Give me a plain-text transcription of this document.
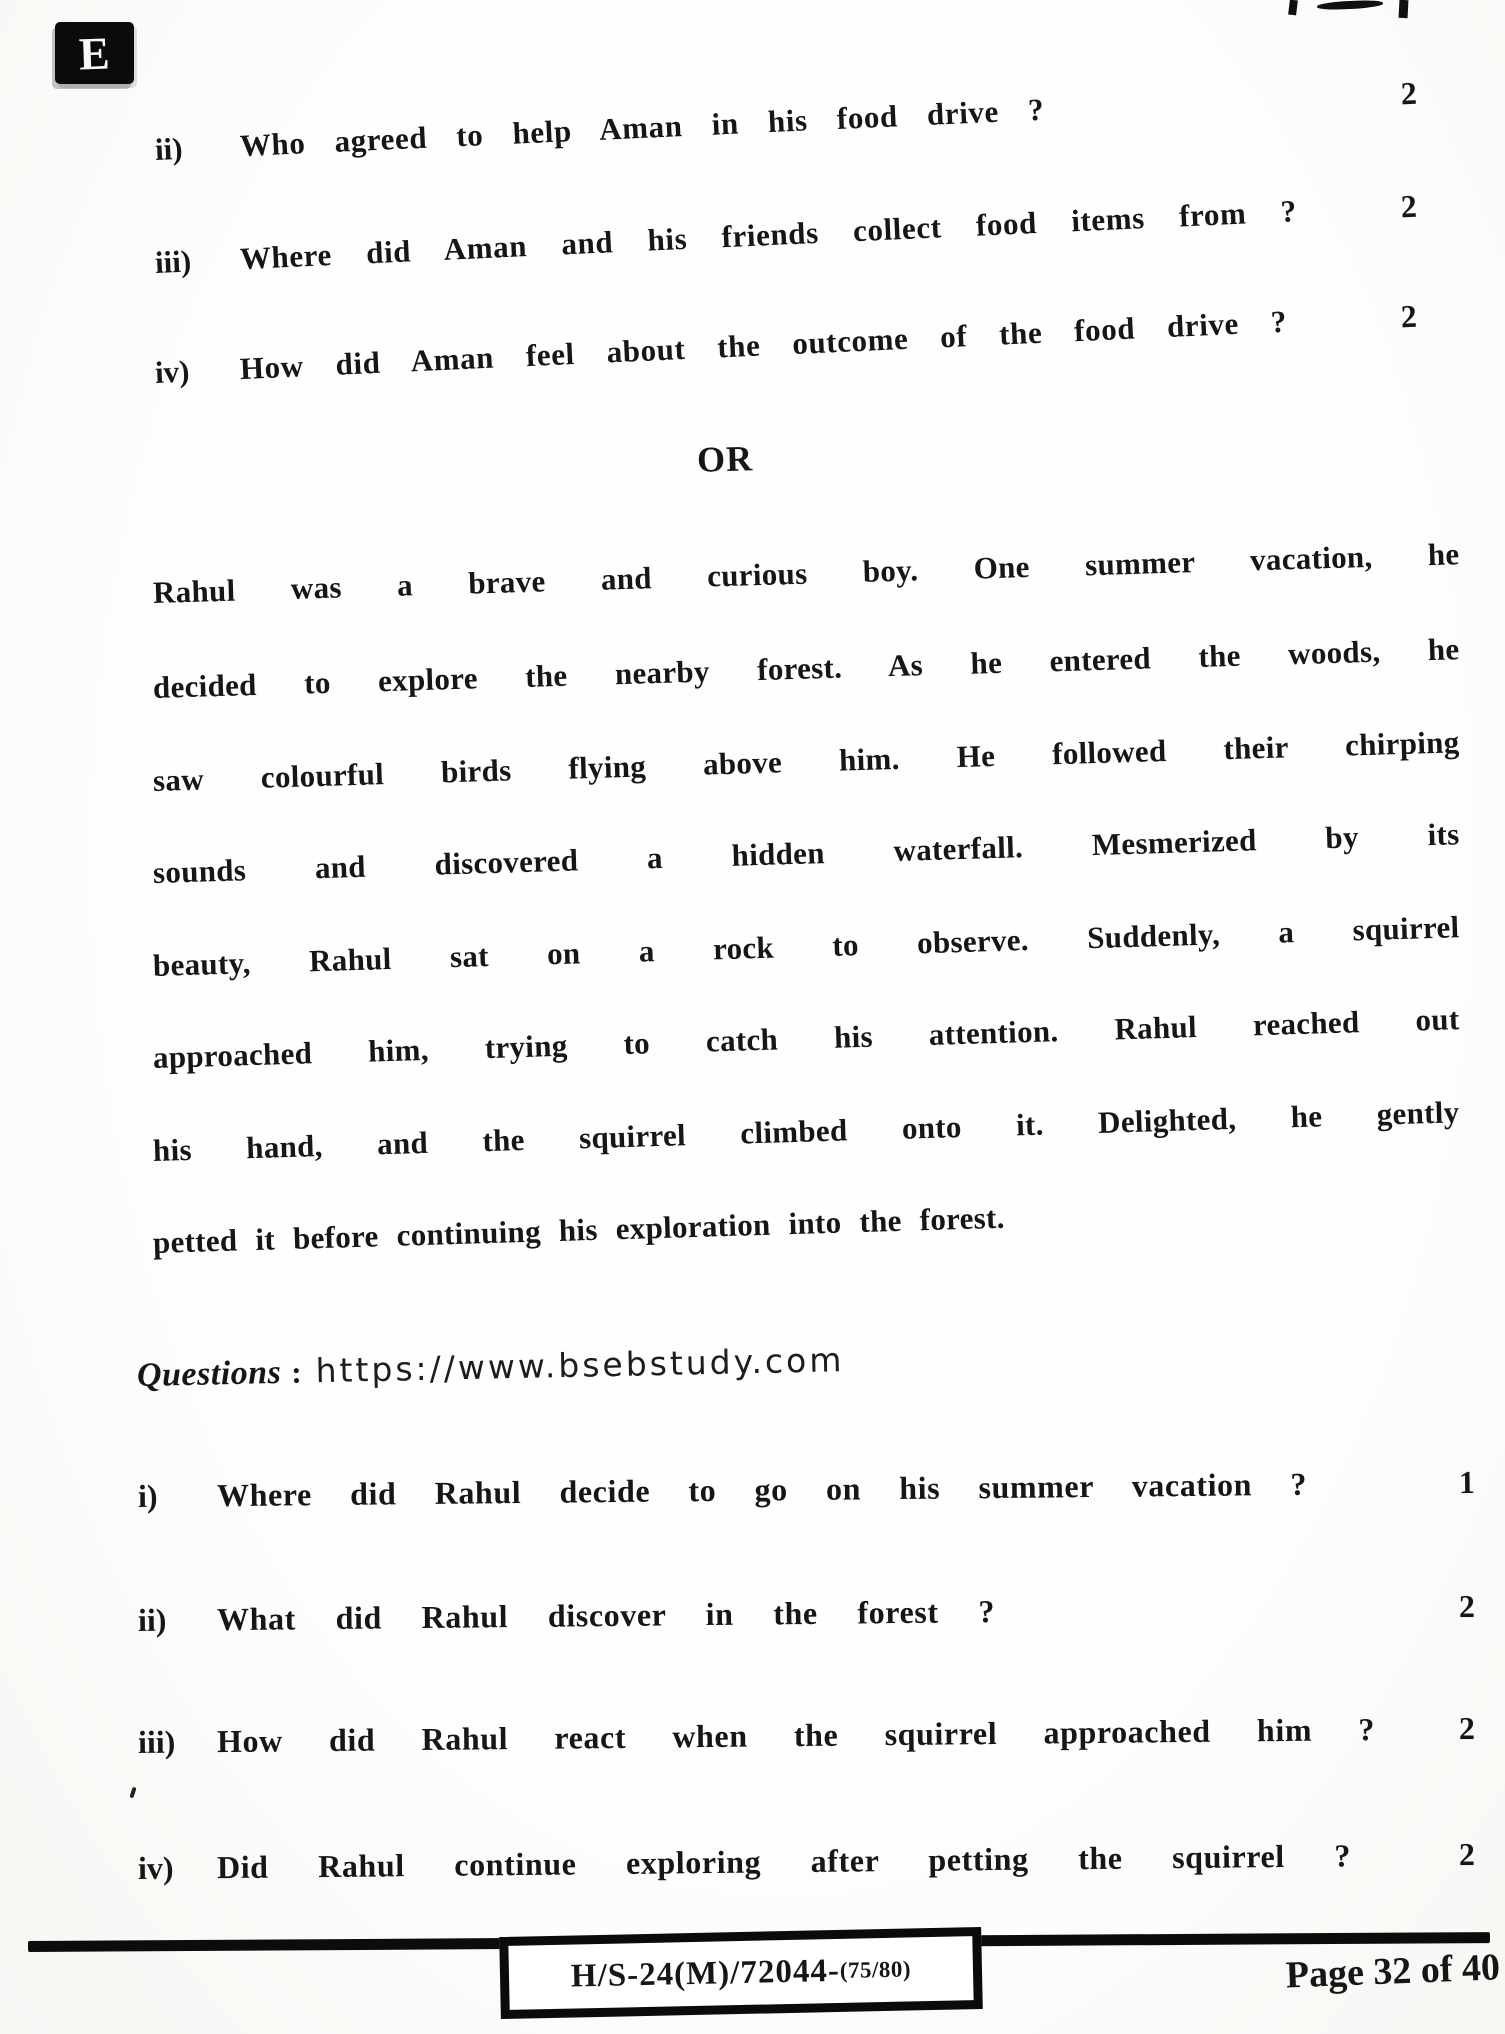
E
ii) Who agreed to help Aman in his food drive ?	2
iii) Where did Aman and his friends collect food items from ?	2
iv) How did Aman feel about the outcome of the food drive ?	2
OR
Rahul was a brave and curious boy. One summer vacation, he
decided to explore the nearby forest. As he entered the woods, he
saw colourful birds flying above him. He followed their chirping
sounds and discovered a hidden waterfall. Mesmerized by its
beauty, Rahul sat on a rock to observe. Suddenly, a squirrel
approached him, trying to catch his attention. Rahul reached out
his hand, and the squirrel climbed onto it. Delighted, he gently
petted it before continuing his exploration into the forest.
Questions : https://www.bsebstudy.com
i) Where did Rahul decide to go on his summer vacation ?	1
ii) What did Rahul discover in the forest ?	2
iii) How did Rahul react when the squirrel approached him ?	2
iv) Did Rahul continue exploring after petting the squirrel ?	2
H/S-24(M)/72044- (75/80)	Page 32 of 40
